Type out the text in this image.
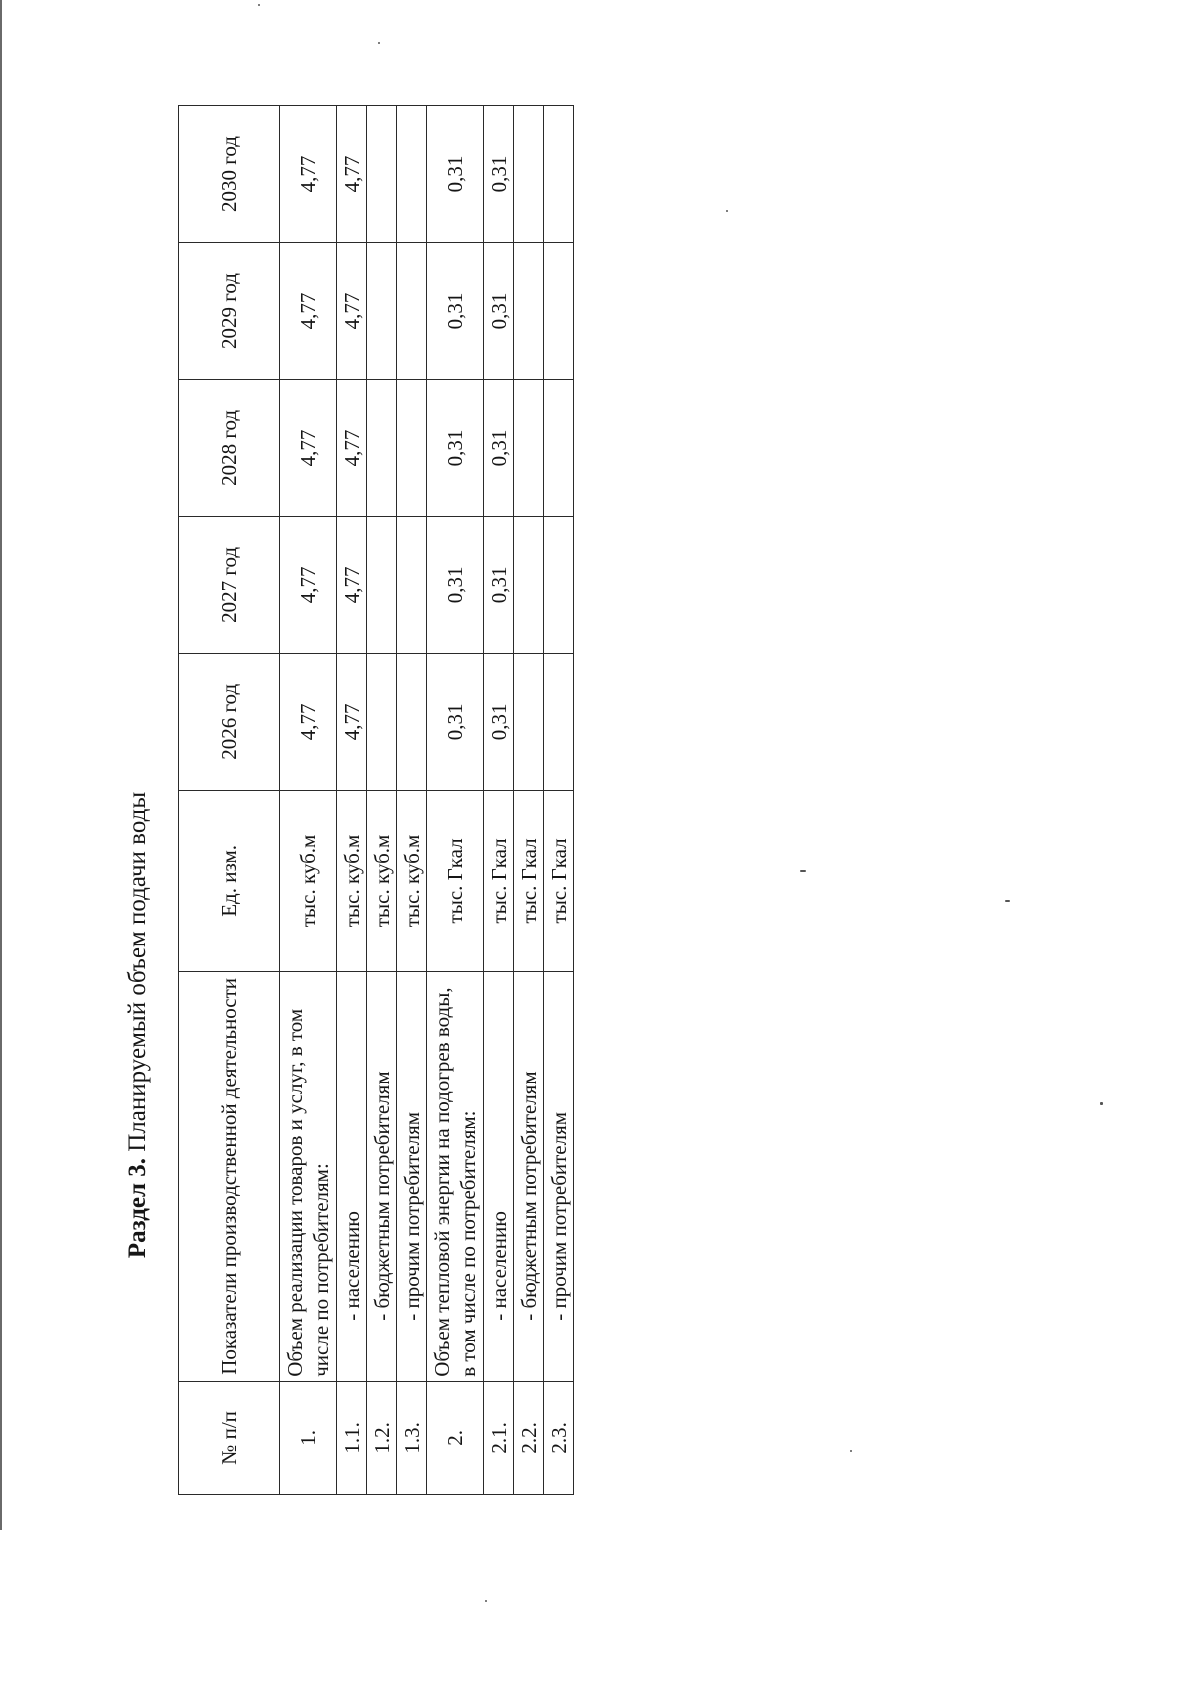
Раздел 3. Планируемый объем подачи воды
№ п/п	Показатели производственной деятельности	Ед. изм.	2026 год	2027 год	2028 год	2029 год	2030 год
1.	Объем реализации товаров и услуг, в том числе по потребителям:	тыс. куб.м	4,77	4,77	4,77	4,77	4,77
1.1.	- населению	тыс. куб.м	4,77	4,77	4,77	4,77	4,77
1.2.	- бюджетным потребителям	тыс. куб.м					
1.3.	- прочим потребителям	тыс. куб.м					
2.	Объем тепловой энергии на подогрев воды, в том числе по потребителям:	тыс. Гкал	0,31	0,31	0,31	0,31	0,31
2.1.	- населению	тыс. Гкал	0,31	0,31	0,31	0,31	0,31
2.2.	- бюджетным потребителям	тыс. Гкал					
2.3.	- прочим потребителям	тыс. Гкал					
